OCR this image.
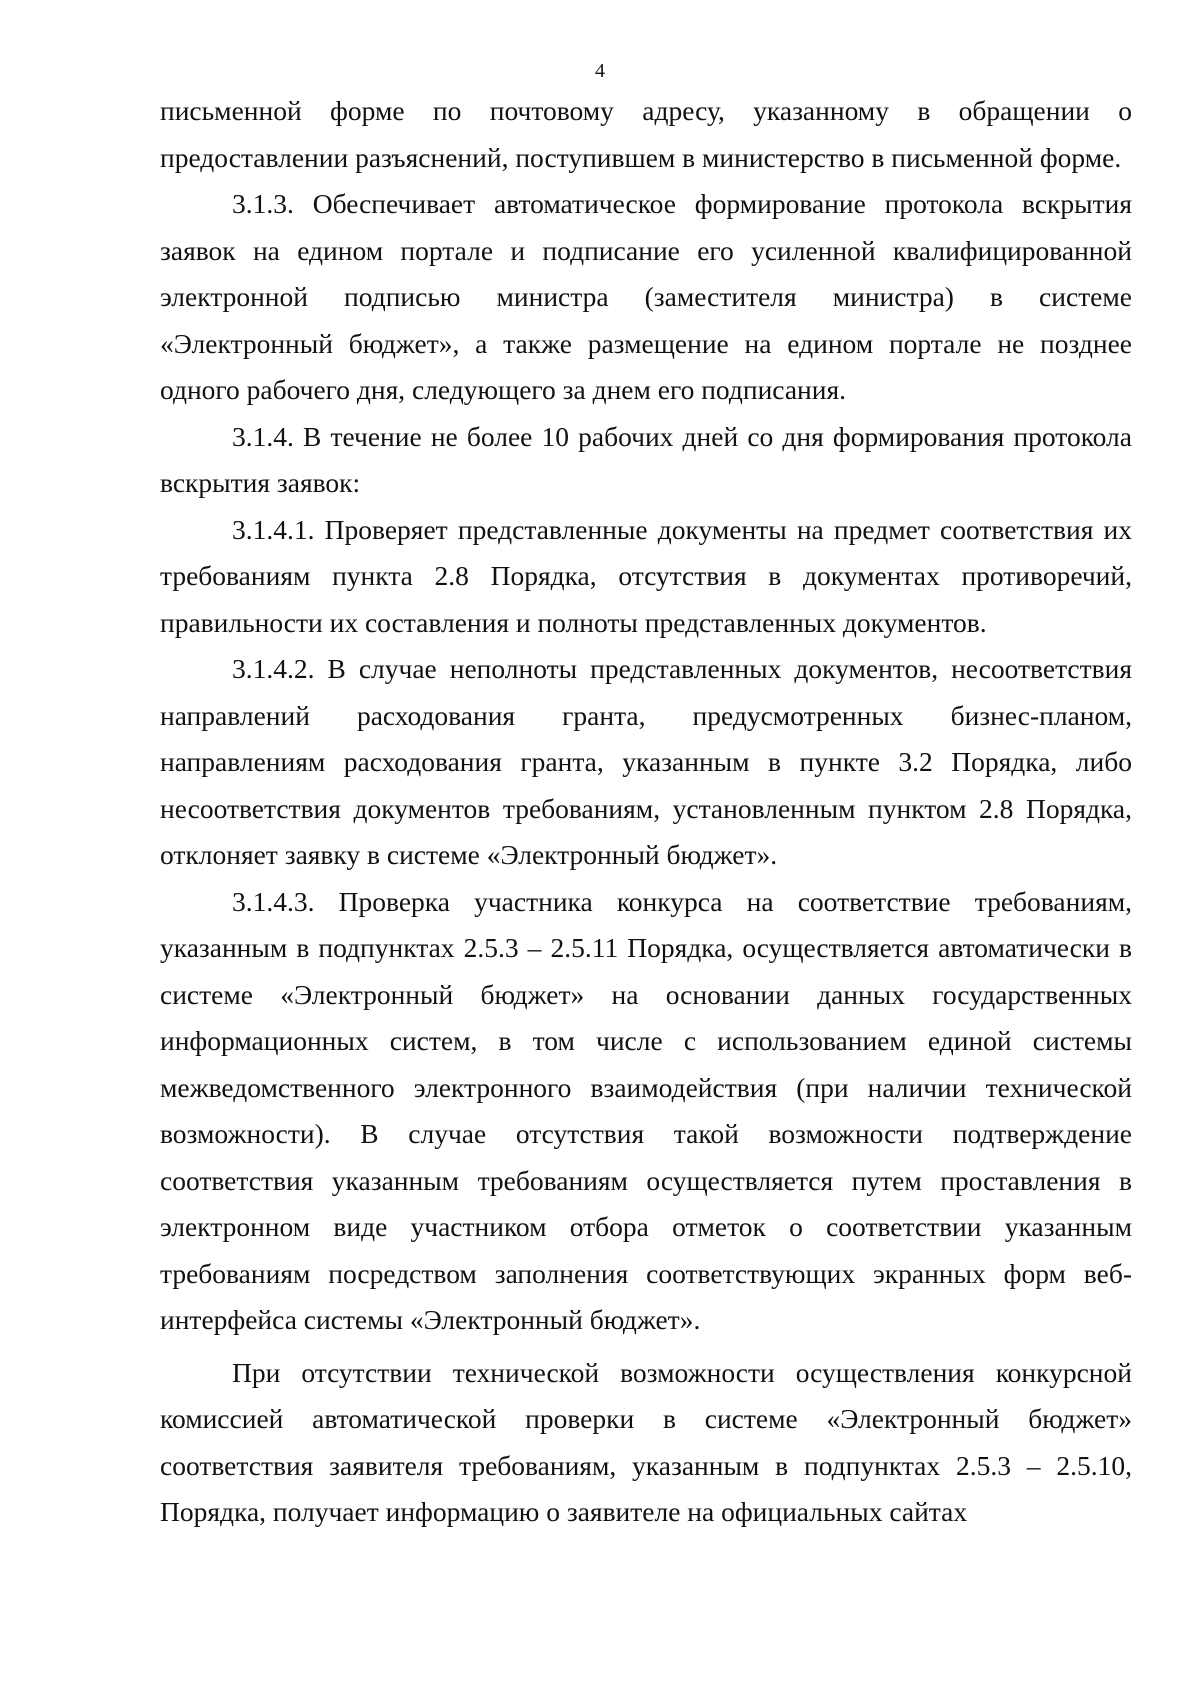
4

письменной форме по почтовому адресу, указанному в обращении о предоставлении разъяснений, поступившем в министерство в письменной форме.

3.1.3. Обеспечивает автоматическое формирование протокола вскрытия заявок на едином портале и подписание его усиленной квалифицированной электронной подписью министра (заместителя министра) в системе «Электронный бюджет», а также размещение на едином портале не позднее одного рабочего дня, следующего за днем его подписания.

3.1.4. В течение не более 10 рабочих дней со дня формирования протокола вскрытия заявок:

3.1.4.1. Проверяет представленные документы на предмет соответствия их требованиям пункта 2.8 Порядка, отсутствия в документах противоречий, правильности их составления и полноты представленных документов.

3.1.4.2. В случае неполноты представленных документов, несоответствия направлений расходования гранта, предусмотренных бизнес-планом, направлениям расходования гранта, указанным в пункте 3.2 Порядка, либо несоответствия документов требованиям, установленным пунктом 2.8 Порядка, отклоняет заявку в системе «Электронный бюджет».

3.1.4.3. Проверка участника конкурса на соответствие требованиям, указанным в подпунктах 2.5.3 – 2.5.11 Порядка, осуществляется автоматически в системе «Электронный бюджет» на основании данных государственных информационных систем, в том числе с использованием единой системы межведомственного электронного взаимодействия (при наличии технической возможности). В случае отсутствия такой возможности подтверждение соответствия указанным требованиям осуществляется путем проставления в электронном виде участником отбора отметок о соответствии указанным требованиям посредством заполнения соответствующих экранных форм веб-интерфейса системы «Электронный бюджет».

При отсутствии технической возможности осуществления конкурсной комиссией автоматической проверки в системе «Электронный бюджет» соответствия заявителя требованиям, указанным в подпунктах 2.5.3 – 2.5.10, Порядка, получает информацию о заявителе на официальных сайтах
